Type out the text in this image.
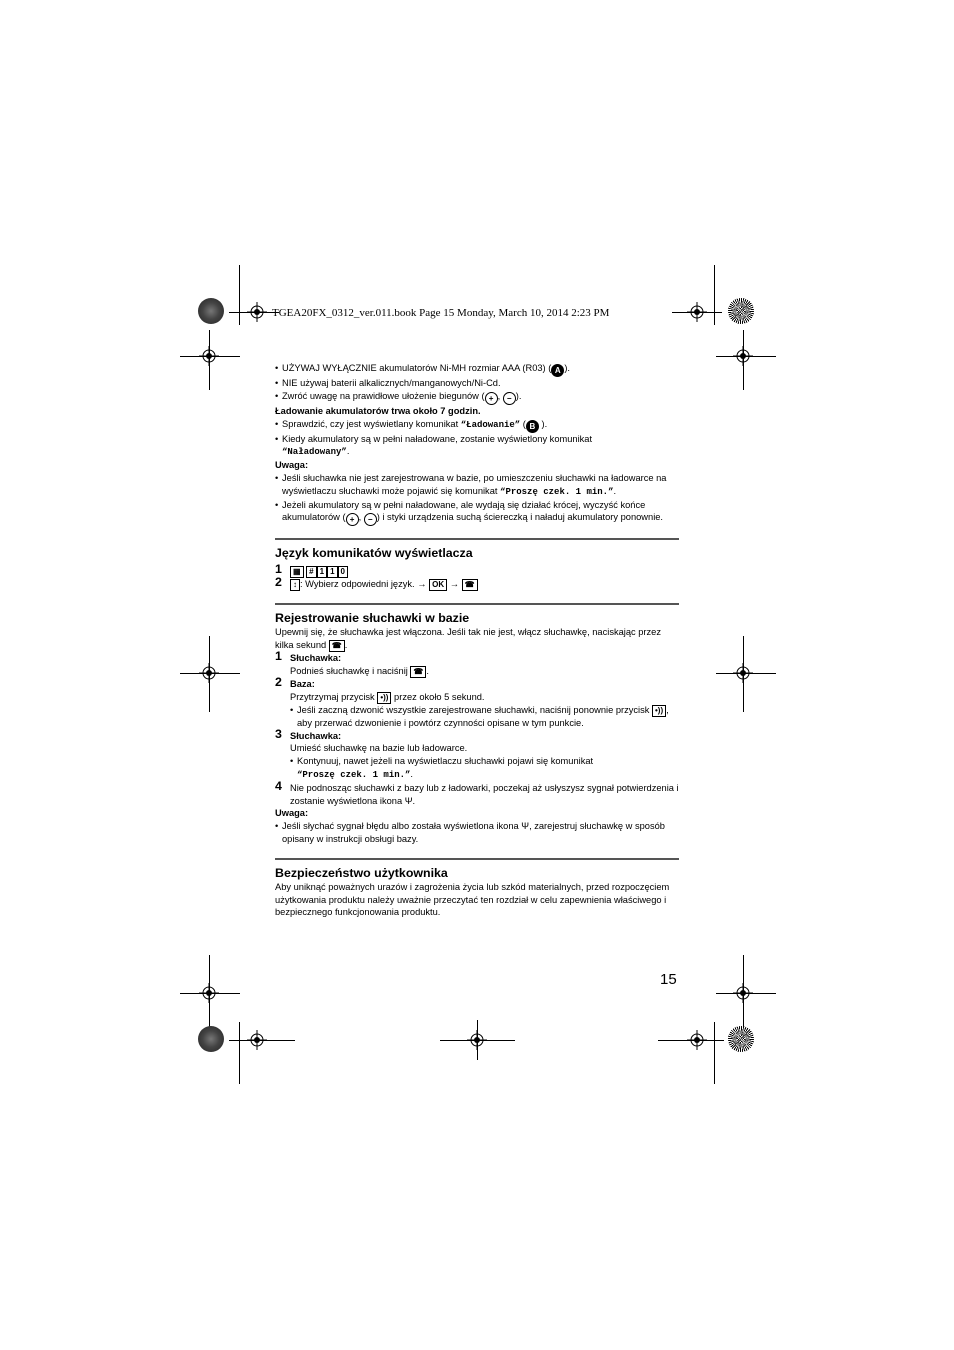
TGEA20FX_0312_ver.011.book Page 15 Monday, March 10, 2014 2:23 PM

• UŻYWAJ WYŁĄCZNIE akumulatorów Ni-MH rozmiar AAA (R03) ( A ).

• NIE używaj baterii alkalicznych/manganowych/Ni-Cd.

• Zwróć uwagę na prawidłowe ułożenie biegunów ( + , − ).

Ładowanie akumulatorów trwa około 7 godzin.

• Sprawdzić, czy jest wyświetlany komunikat “Ładowanie” ( B ).

• Kiedy akumulatory są w pełni naładowane, zostanie wyświetlony komunikat
“Naładowany”.

Uwaga:

• Jeśli słuchawka nie jest zarejestrowana w bazie, po umieszczeniu słuchawki na ładowarce na wyświetlaczu słuchawki może pojawić się komunikat “Proszę czek. 1 min.”.

• Jeżeli akumulatory są w pełni naładowane, ale wydają się działać krócej, wyczyść końce akumulatorów ( + , − ) i styki urządzenia suchą ściereczką i naładuj akumulatory ponownie.

Język komunikatów wyświetlacza

1 ▦ # 1 1 0

2 ↕ : Wybierz odpowiedni język. → OK → ☎

Rejestrowanie słuchawki w bazie

Upewnij się, że słuchawka jest włączona. Jeśli tak nie jest, włącz słuchawkę, naciskając przez kilka sekund ☎ .

1 Słuchawka:

Podnieś słuchawkę i naciśnij ☎ .

2 Baza:

Przytrzymaj przycisk •)) przez około 5 sekund.

• Jeśli zaczną dzwonić wszystkie zarejestrowane słuchawki, naciśnij ponownie przycisk •)) , aby przerwać dzwonienie i powtórz czynności opisane w tym punkcie.

3 Słuchawka:

Umieść słuchawkę na bazie lub ładowarce.

• Kontynuuj, nawet jeżeli na wyświetlaczu słuchawki pojawi się komunikat
“Proszę czek. 1 min.”.

4 Nie podnosząc słuchawki z bazy lub z ładowarki, poczekaj aż usłyszysz sygnał potwierdzenia i zostanie wyświetlona ikona Ψ.

Uwaga:

• Jeśli słychać sygnał błędu albo została wyświetlona ikona Ψ, zarejestruj słuchawkę w sposób opisany w instrukcji obsługi bazy.

Bezpieczeństwo użytkownika

Aby uniknąć poważnych urazów i zagrożenia życia lub szkód materialnych, przed rozpoczęciem użytkowania produktu należy uważnie przeczytać ten rozdział w celu zapewnienia właściwego i bezpiecznego funkcjonowania produktu.

15
